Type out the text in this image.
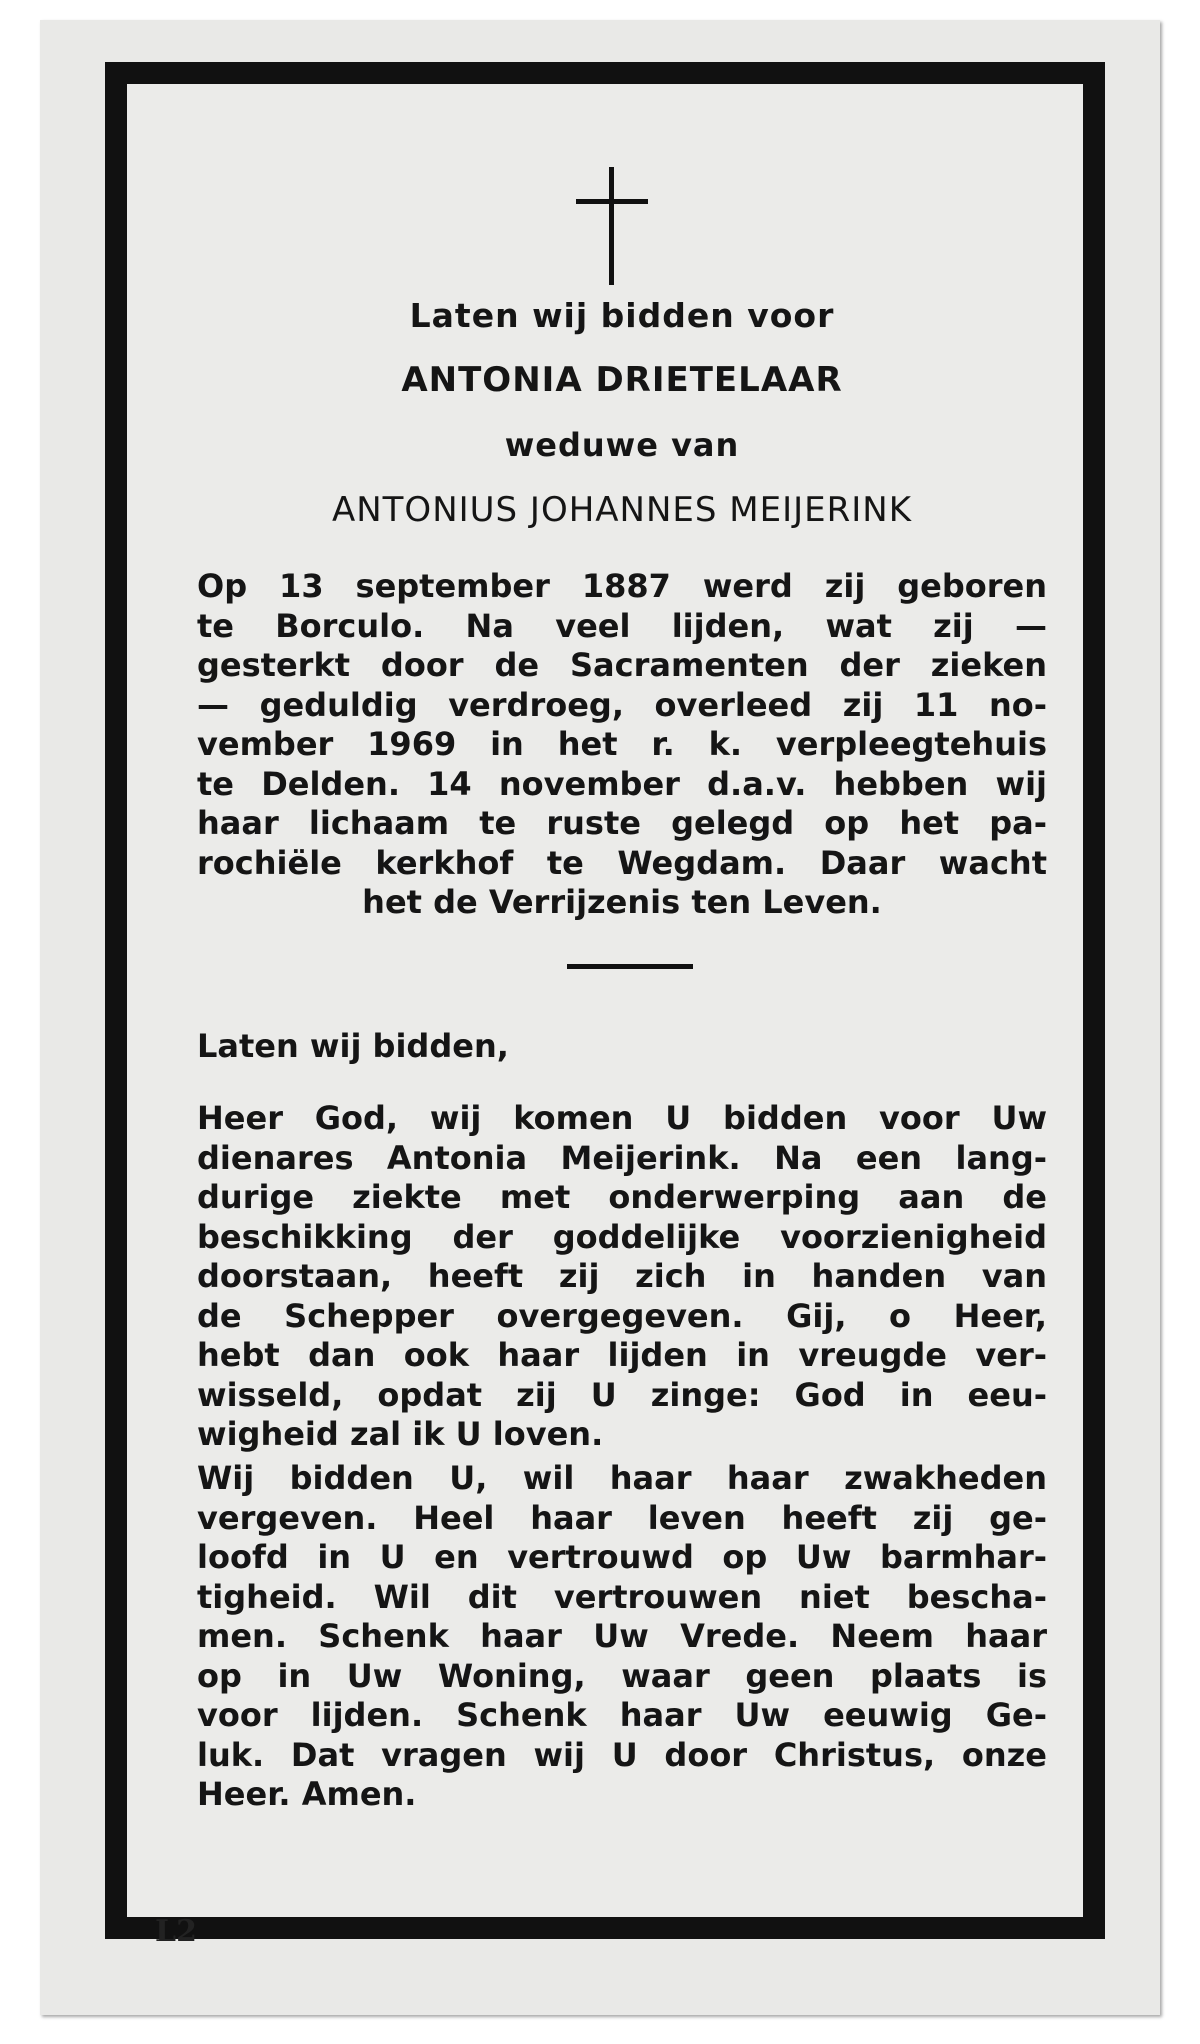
Laten wij bidden voor
ANTONIA DRIETELAAR
weduwe van
ANTONIUS JOHANNES MEIJERINK
Op 13 september 1887 werd zij geboren
te Borculo. Na veel lijden, wat zij —
gesterkt door de Sacramenten der zieken
— geduldig verdroeg, overleed zij 11 no-
vember 1969 in het r. k. verpleegtehuis
te Delden. 14 november d.a.v. hebben wij
haar lichaam te ruste gelegd op het pa-
rochiële kerkhof te Wegdam. Daar wacht
het de Verrijzenis ten Leven.
Laten wij bidden,
Heer God, wij komen U bidden voor Uw
dienares Antonia Meijerink. Na een lang-
durige ziekte met onderwerping aan de
beschikking der goddelijke voorzienigheid
doorstaan, heeft zij zich in handen van
de Schepper overgegeven. Gij, o Heer,
hebt dan ook haar lijden in vreugde ver-
wisseld, opdat zij U zinge: God in eeu-
wigheid zal ik U loven.
Wij bidden U, wil haar haar zwakheden
vergeven. Heel haar leven heeft zij ge-
loofd in U en vertrouwd op Uw barmhar-
tigheid. Wil dit vertrouwen niet bescha-
men. Schenk haar Uw Vrede. Neem haar
op in Uw Woning, waar geen plaats is
voor lijden. Schenk haar Uw eeuwig Ge-
luk. Dat vragen wij U door Christus, onze
Heer. Amen.
L2
